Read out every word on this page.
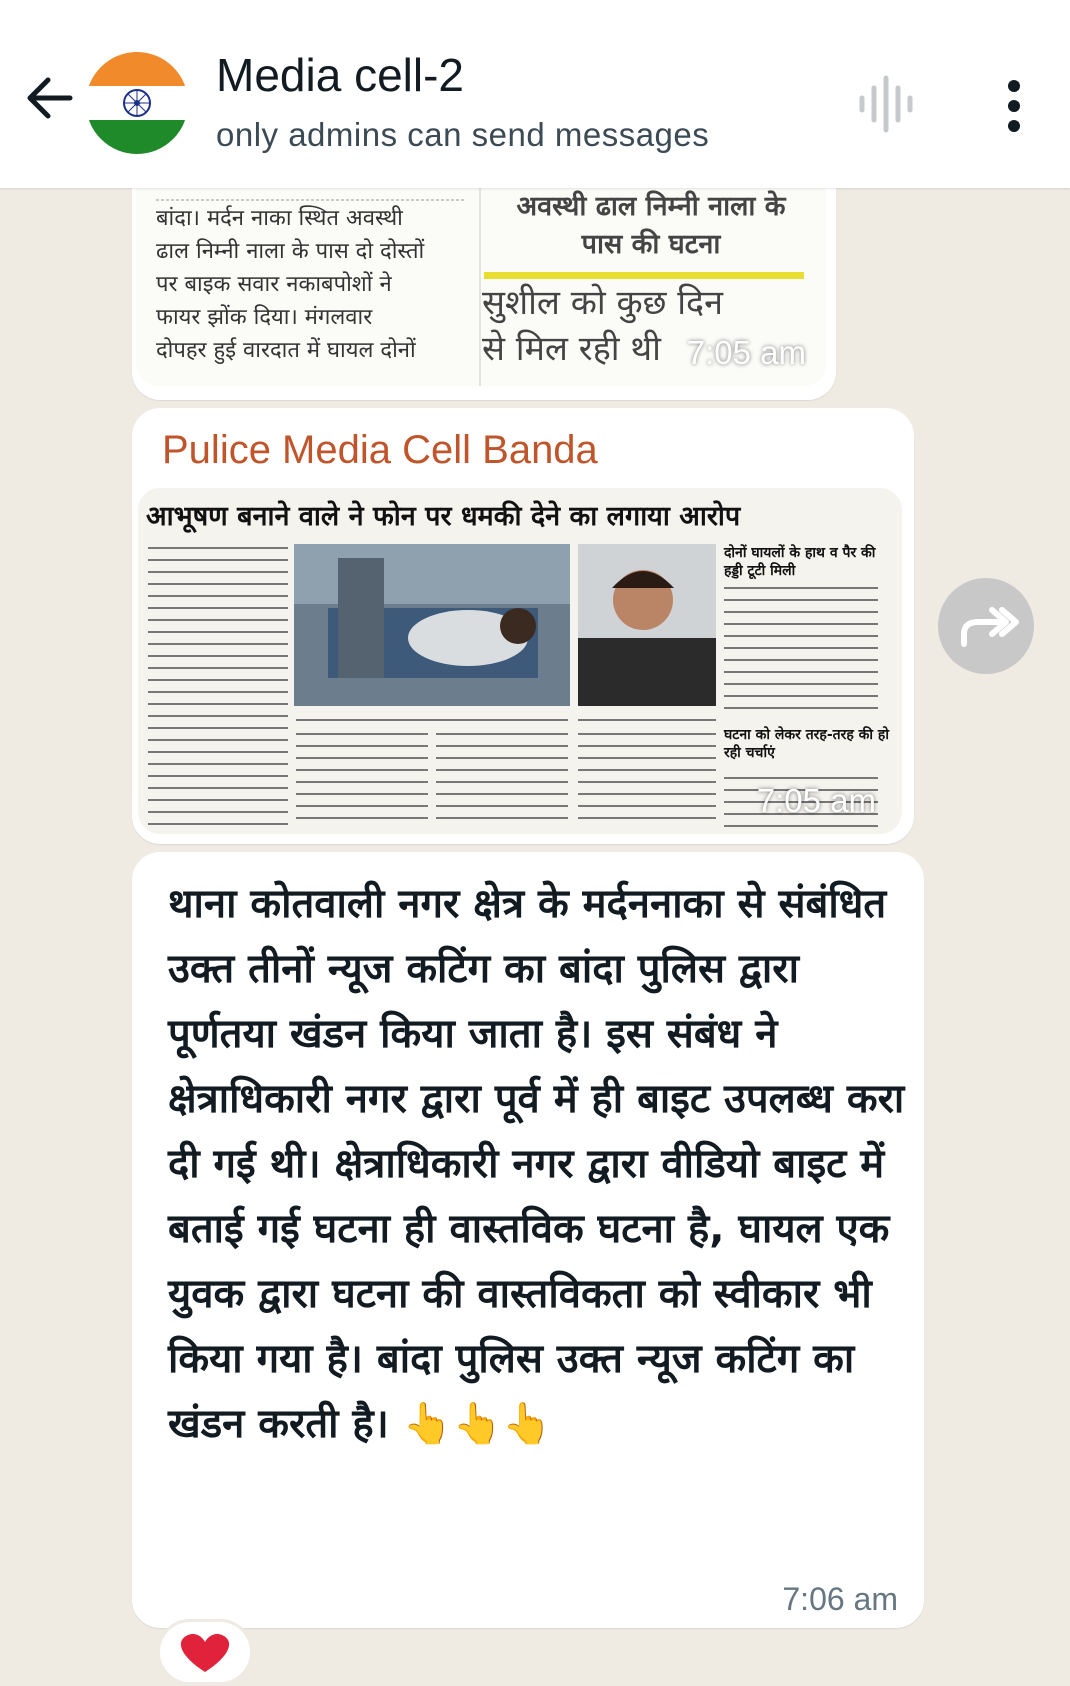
Media cell-2
only admins can send messages
बांदा। मर्दन नाका स्थित अवस्थी
ढाल निम्नी नाला के पास दो दोस्तों
पर बाइक सवार नकाबपोशों ने
फायर झोंक दिया। मंगलवार
दोपहर हुई वारदात में घायल दोनों
अवस्थी ढाल निम्नी नाला के
पास की घटना
सुशील को कुछ दिन
से मिल रही थी 7:05 am
Pulice Media Cell Banda
आभूषण बनाने वाले ने फोन पर धमकी देने का लगाया आरोप
दोनों घायलों के हाथ व पैर की हड्डी टूटी मिली
घटना को लेकर तरह-तरह की हो रही चर्चाएं
7:05 am
थाना कोतवाली नगर क्षेत्र के मर्दननाका से संबंधित उक्त तीनों न्यूज कटिंग का बांदा पुलिस द्वारा पूर्णतया खंडन किया जाता है। इस संबंध ने क्षेत्राधिकारी नगर द्वारा पूर्व में ही बाइट उपलब्ध करा दी गई थी। क्षेत्राधिकारी नगर द्वारा वीडियो बाइट में बताई गई घटना ही वास्तविक घटना है, घायल एक युवक द्वारा घटना की वास्तविकता को स्वीकार भी किया गया है। बांदा पुलिस उक्त न्यूज कटिंग का खंडन करती है। 👆👆👆
7:06 am
